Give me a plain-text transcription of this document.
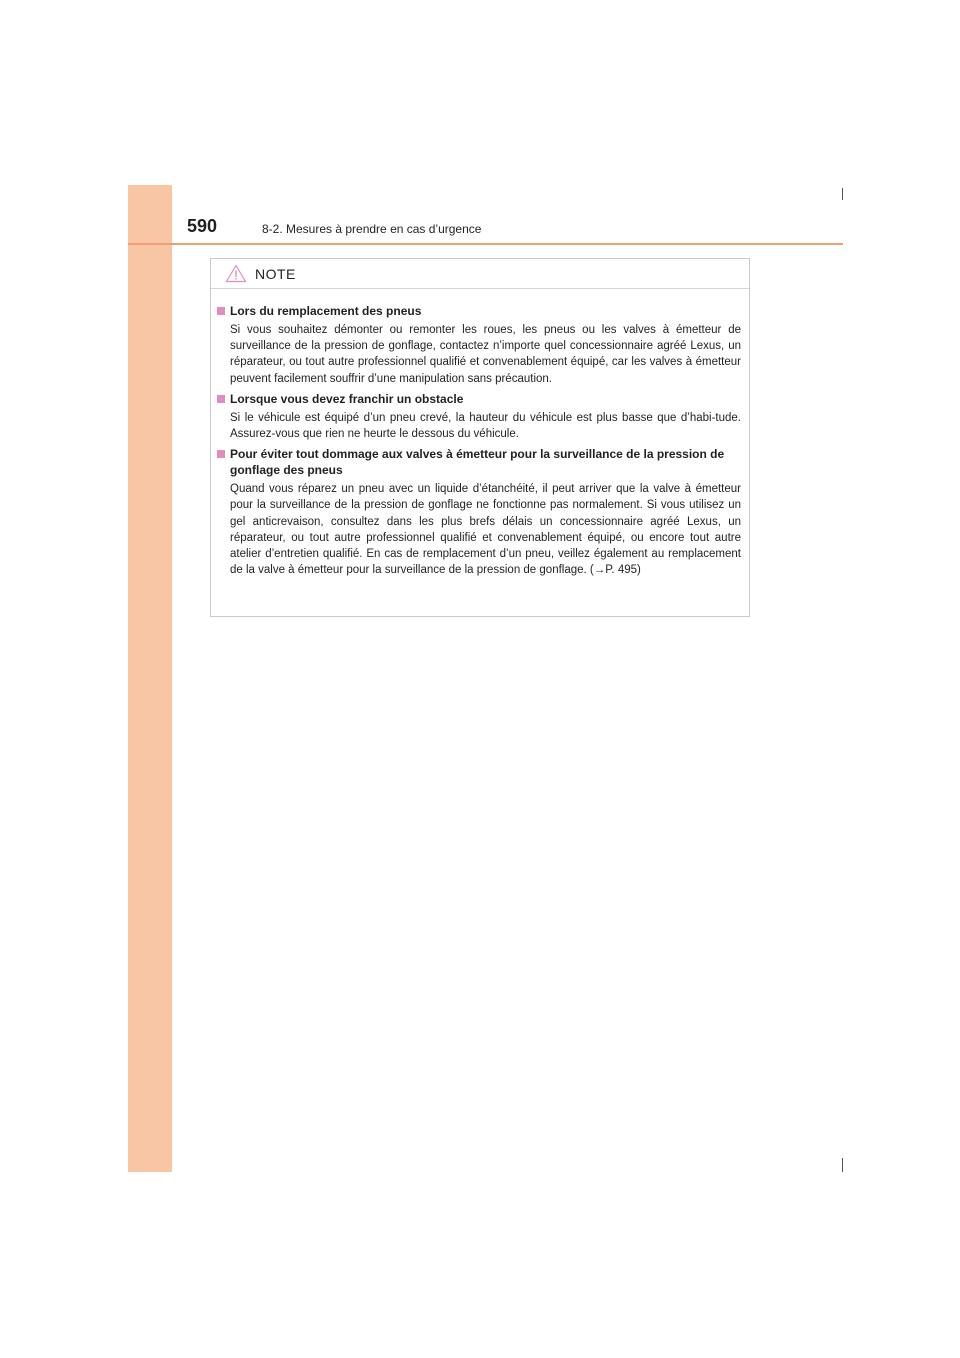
590	8-2. Mesures à prendre en cas d’urgence
NOTE
Lors du remplacement des pneus
Si vous souhaitez démonter ou remonter les roues, les pneus ou les valves à émetteur de surveillance de la pression de gonflage, contactez n’importe quel concessionnaire agréé Lexus, un réparateur, ou tout autre professionnel qualifié et convenablement équipé, car les valves à émetteur peuvent facilement souffrir d’une manipulation sans précaution.
Lorsque vous devez franchir un obstacle
Si le véhicule est équipé d’un pneu crevé, la hauteur du véhicule est plus basse que d’habi-tude. Assurez-vous que rien ne heurte le dessous du véhicule.
Pour éviter tout dommage aux valves à émetteur pour la surveillance de la pression de gonflage des pneus
Quand vous réparez un pneu avec un liquide d’étanchéité, il peut arriver que la valve à émetteur pour la surveillance de la pression de gonflage ne fonctionne pas normalement. Si vous utilisez un gel anticrevaison, consultez dans les plus brefs délais un concessionnaire agréé Lexus, un réparateur, ou tout autre professionnel qualifié et convenablement équipé, ou encore tout autre atelier d’entretien qualifié. En cas de remplacement d’un pneu, veillez également au remplacement de la valve à émetteur pour la surveillance de la pression de gonflage. (→P. 495)
